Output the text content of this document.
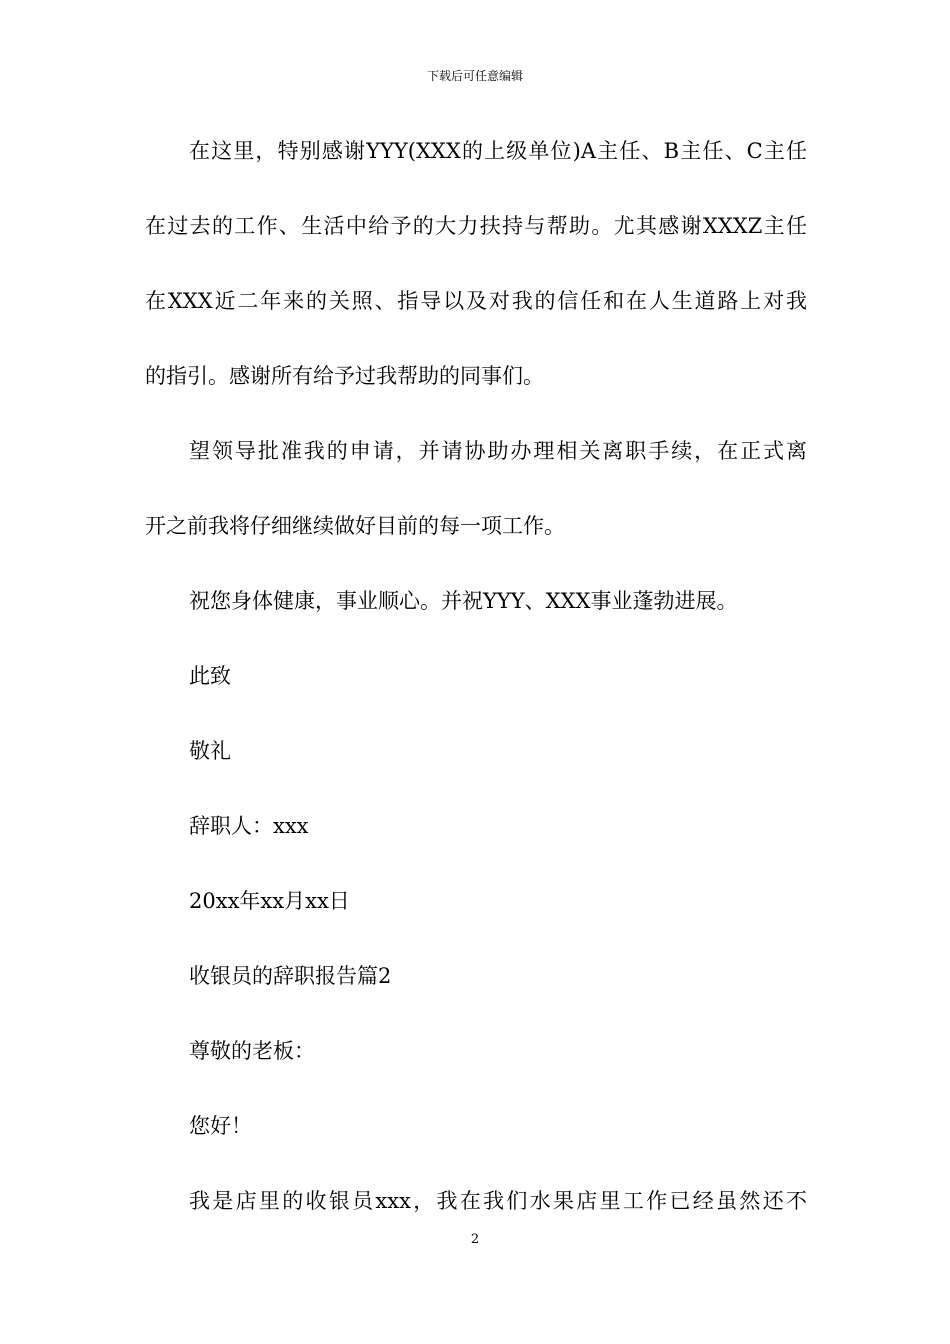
下载后可任意编辑
在这里，特别感谢YYY(XXX的上级单位)A主任、B主任、C主任
在过去的工作、生活中给予的大力扶持与帮助。尤其感谢XXXZ主任
在XXX近二年来的关照、指导以及对我的信任和在人生道路上对我
的指引。感谢所有给予过我帮助的同事们。
望领导批准我的申请，并请协助办理相关离职手续，在正式离
开之前我将仔细继续做好目前的每一项工作。
祝您身体健康，事业顺心。并祝YYY、XXX事业蓬勃进展。
此致
敬礼
辞职人：xxx
20xx年xx月xx日
收银员的辞职报告篇2
尊敬的老板：
您好！
我是店里的收银员xxx，我在我们水果店里工作已经虽然还不
2
